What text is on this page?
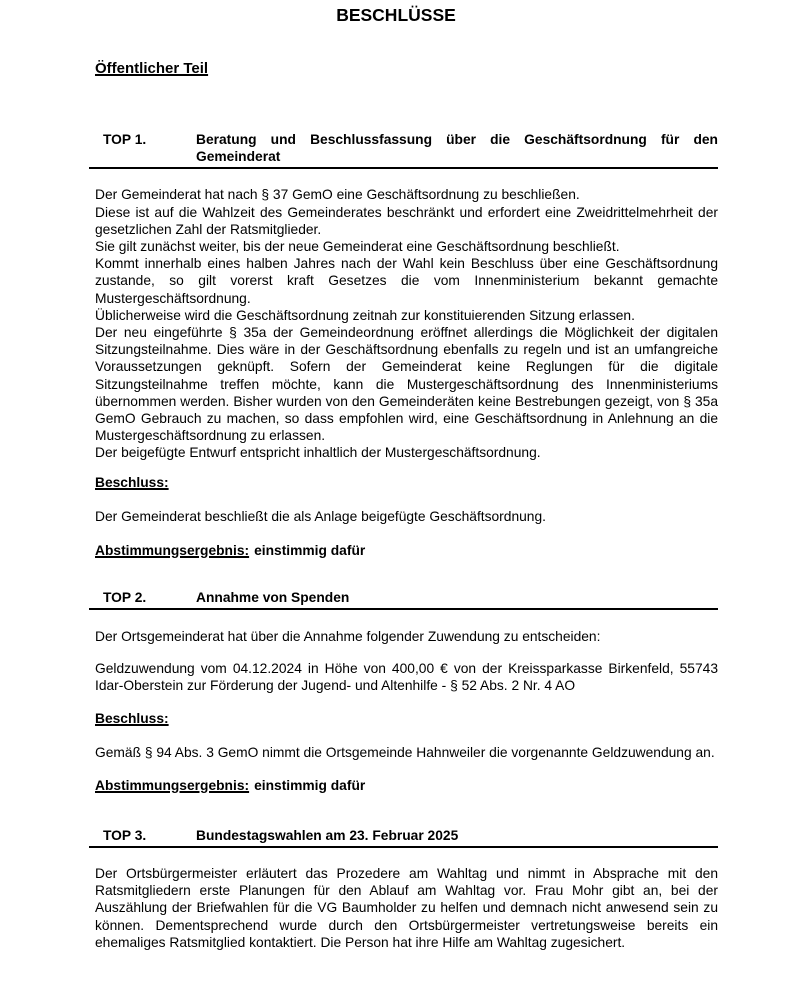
BESCHLÜSSE
Öffentlicher Teil
TOP 1.	Beratung und Beschlussfassung über die Geschäftsordnung für den Gemeinderat

Der Gemeinderat hat nach § 37 GemO eine Geschäftsordnung zu beschließen.

Diese ist auf die Wahlzeit des Gemeinderates beschränkt und erfordert eine Zweidrittelmehrheit der gesetzlichen Zahl der Ratsmitglieder.

Sie gilt zunächst weiter, bis der neue Gemeinderat eine Geschäftsordnung beschließt.

Kommt innerhalb eines halben Jahres nach der Wahl kein Beschluss über eine Geschäftsordnung zustande, so gilt vorerst kraft Gesetzes die vom Innenministerium bekannt gemachte Mustergeschäftsordnung.

Üblicherweise wird die Geschäftsordnung zeitnah zur konstituierenden Sitzung erlassen.

Der neu eingeführte § 35a der Gemeindeordnung eröffnet allerdings die Möglichkeit der digitalen Sitzungsteilnahme. Dies wäre in der Geschäftsordnung ebenfalls zu regeln und ist an umfangreiche Voraussetzungen geknüpft. Sofern der Gemeinderat keine Reglungen für die digitale Sitzungsteilnahme treffen möchte, kann die Mustergeschäftsordnung des Innenministeriums übernommen werden. Bisher wurden von den Gemeinderäten keine Bestrebungen gezeigt, von § 35a GemO Gebrauch zu machen, so dass empfohlen wird, eine Geschäftsordnung in Anlehnung an die Mustergeschäftsordnung zu erlassen.

Der beigefügte Entwurf entspricht inhaltlich der Mustergeschäftsordnung.

Beschluss:

Der Gemeinderat beschließt die als Anlage beigefügte Geschäftsordnung.

Abstimmungsergebnis: einstimmig dafür
TOP 2.	Annahme von Spenden

Der Ortsgemeinderat hat über die Annahme folgender Zuwendung zu entscheiden:

Geldzuwendung vom 04.12.2024 in Höhe von 400,00 € von der Kreissparkasse Birkenfeld, 55743 Idar-Oberstein zur Förderung der Jugend- und Altenhilfe - § 52 Abs. 2 Nr. 4 AO

Beschluss:

Gemäß § 94 Abs. 3 GemO nimmt die Ortsgemeinde Hahnweiler die vorgenannte Geldzuwendung an.

Abstimmungsergebnis: einstimmig dafür
TOP 3.	Bundestagswahlen am 23. Februar 2025

Der Ortsbürgermeister erläutert das Prozedere am Wahltag und nimmt in Absprache mit den Ratsmitgliedern erste Planungen für den Ablauf am Wahltag vor. Frau Mohr gibt an, bei der Auszählung der Briefwahlen für die VG Baumholder zu helfen und demnach nicht anwesend sein zu können. Dementsprechend wurde durch den Ortsbürgermeister vertretungsweise bereits ein ehemaliges Ratsmitglied kontaktiert. Die Person hat ihre Hilfe am Wahltag zugesichert.
